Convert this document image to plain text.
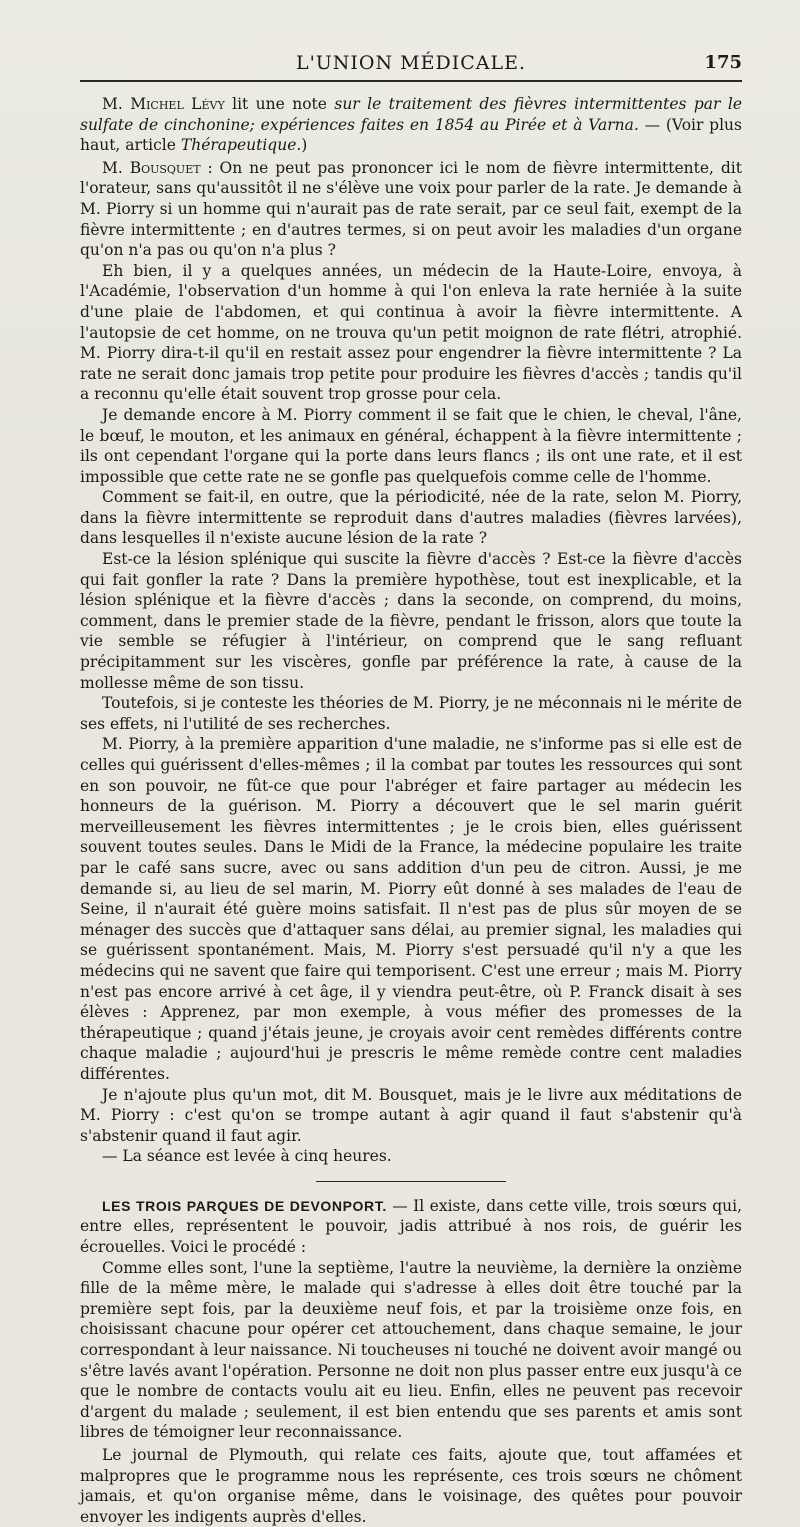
L'UNION MÉDICALE.	175

M. Michel Lévy lit une note sur le traitement des fièvres intermittentes par le sulfate de cinchonine; expériences faites en 1854 au Pirée et à Varna. — (Voir plus haut, article Thérapeutique.)

M. Bousquet : On ne peut pas prononcer ici le nom de fièvre intermittente, dit l'orateur, sans qu'aussitôt il ne s'élève une voix pour parler de la rate. Je demande à M. Piorry si un homme qui n'aurait pas de rate serait, par ce seul fait, exempt de la fièvre intermittente ; en d'autres termes, si on peut avoir les maladies d'un organe qu'on n'a pas ou qu'on n'a plus ?

Eh bien, il y a quelques années, un médecin de la Haute-Loire, envoya, à l'Académie, l'observation d'un homme à qui l'on enleva la rate herniée à la suite d'une plaie de l'abdomen, et qui continua à avoir la fièvre intermittente. A l'autopsie de cet homme, on ne trouva qu'un petit moignon de rate flétri, atrophié. M. Piorry dira-t-il qu'il en restait assez pour engendrer la fièvre intermittente ? La rate ne serait donc jamais trop petite pour produire les fièvres d'accès ; tandis qu'il a reconnu qu'elle était souvent trop grosse pour cela.

Je demande encore à M. Piorry comment il se fait que le chien, le cheval, l'âne, le bœuf, le mouton, et les animaux en général, échappent à la fièvre intermittente ; ils ont cependant l'organe qui la porte dans leurs flancs ; ils ont une rate, et il est impossible que cette rate ne se gonfle pas quelquefois comme celle de l'homme.

Comment se fait-il, en outre, que la périodicité, née de la rate, selon M. Piorry, dans la fièvre intermittente se reproduit dans d'autres maladies (fièvres larvées), dans lesquelles il n'existe aucune lésion de la rate ?

Est-ce la lésion splénique qui suscite la fièvre d'accès ? Est-ce la fièvre d'accès qui fait gonfler la rate ? Dans la première hypothèse, tout est inexplicable, et la lésion splénique et la fièvre d'accès ; dans la seconde, on comprend, du moins, comment, dans le premier stade de la fièvre, pendant le frisson, alors que toute la vie semble se réfugier à l'intérieur, on comprend que le sang refluant précipitamment sur les viscères, gonfle par préférence la rate, à cause de la mollesse même de son tissu.

Toutefois, si je conteste les théories de M. Piorry, je ne méconnais ni le mérite de ses effets, ni l'utilité de ses recherches.

M. Piorry, à la première apparition d'une maladie, ne s'informe pas si elle est de celles qui guérissent d'elles-mêmes ; il la combat par toutes les ressources qui sont en son pouvoir, ne fût-ce que pour l'abréger et faire partager au médecin les honneurs de la guérison. M. Piorry a découvert que le sel marin guérit merveilleusement les fièvres intermittentes ; je le crois bien, elles guérissent souvent toutes seules. Dans le Midi de la France, la médecine populaire les traite par le café sans sucre, avec ou sans addition d'un peu de citron. Aussi, je me demande si, au lieu de sel marin, M. Piorry eût donné à ses malades de l'eau de Seine, il n'aurait été guère moins satisfait. Il n'est pas de plus sûr moyen de se ménager des succès que d'attaquer sans délai, au premier signal, les maladies qui se guérissent spontanément. Mais, M. Piorry s'est persuadé qu'il n'y a que les médecins qui ne savent que faire qui temporisent. C'est une erreur ; mais M. Piorry n'est pas encore arrivé à cet âge, il y viendra peut-être, où P. Franck disait à ses élèves : Apprenez, par mon exemple, à vous méfier des promesses de la thérapeutique ; quand j'étais jeune, je croyais avoir cent remèdes différents contre chaque maladie ; aujourd'hui je prescris le même remède contre cent maladies différentes.

Je n'ajoute plus qu'un mot, dit M. Bousquet, mais je le livre aux méditations de M. Piorry : c'est qu'on se trompe autant à agir quand il faut s'abstenir qu'à s'abstenir quand il faut agir.

— La séance est levée à cinq heures.

LES TROIS PARQUES DE DEVONPORT. — Il existe, dans cette ville, trois sœurs qui, entre elles, représentent le pouvoir, jadis attribué à nos rois, de guérir les écrouelles. Voici le procédé :

Comme elles sont, l'une la septième, l'autre la neuvième, la dernière la onzième fille de la même mère, le malade qui s'adresse à elles doit être touché par la première sept fois, par la deuxième neuf fois, et par la troisième onze fois, en choisissant chacune pour opérer cet attouchement, dans chaque semaine, le jour correspondant à leur naissance. Ni toucheuses ni touché ne doivent avoir mangé ou s'être lavés avant l'opération. Personne ne doit non plus passer entre eux jusqu'à ce que le nombre de contacts voulu ait eu lieu. Enfin, elles ne peuvent pas recevoir d'argent du malade ; seulement, il est bien entendu que ses parents et amis sont libres de témoigner leur reconnaissance.

Le journal de Plymouth, qui relate ces faits, ajoute que, tout affamées et malpropres que le programme nous les représente, ces trois sœurs ne chôment jamais, et qu'on organise même, dans le voisinage, des quêtes pour pouvoir envoyer les indigents auprès d'elles.
